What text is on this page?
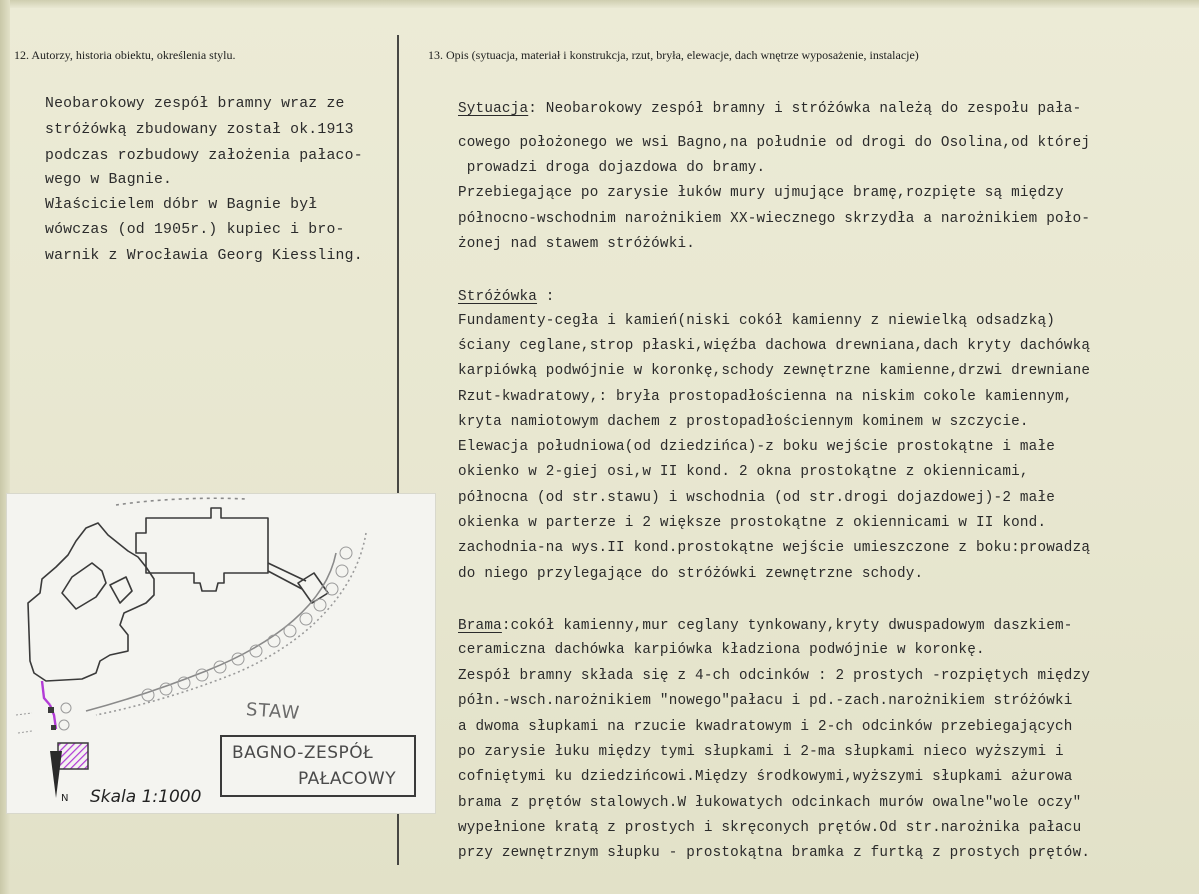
12. Autorzy, historia obiektu, określenia stylu.	13. Opis (sytuacja, materiał i konstrukcja, rzut, bryła, elewacje, dach wnętrze wyposażenie, instalacje)
Neobarokowy zespół bramny wraz ze
stróżówką zbudowany został ok.1913
podczas rozbudowy założenia pałaco-
wego w Bagnie.
Właścicielem dóbr w Bagnie był
wówczas (od 1905r.) kupiec i bro-
warnik z Wrocławia Georg Kiessling.
Sytuacja: Neobarokowy zespół bramny i stróżówka należą do zespołu pała-
cowego położonego we wsi Bagno,na południe od drogi do Osolina,od której
prowadzi droga dojazdowa do bramy.
Przebiegające po zarysie łuków mury ujmujące bramę,rozpięte są między
północno-wschodnim narożnikiem XX-wiecznego skrzydła a narożnikiem poło-
żonej nad stawem stróżówki.
Stróżówka :
Fundamenty-cegła i kamień(niski cokół kamienny z niewielką odsadzką)
ściany ceglane,strop płaski,więźba dachowa drewniana,dach kryty dachówką
karpiówką podwójnie w koronkę,schody zewnętrzne kamienne,drzwi drewniane
Rzut-kwadratowy,: bryła prostopadłościenna na niskim cokole kamiennym,
kryta namiotowym dachem z prostopadłościennym kominem w szczycie.
Elewacja południowa(od dziedzińca)-z boku wejście prostokątne i małe
okienko w 2-giej osi,w II kond. 2 okna prostokątne z okiennicami,
północna (od str.stawu) i wschodnia (od str.drogi dojazdowej)-2 małe
okienka w parterze i 2 większe prostokątne z okiennicami w II kond.
zachodnia-na wys.II kond.prostokątne wejście umieszczone z boku:prowadzą
do niego przylegające do stróżówki zewnętrzne schody.
Brama:cokół kamienny,mur ceglany tynkowany,kryty dwuspadowym daszkiem-
ceramiczna dachówka karpiówka kładziona podwójnie w koronkę.
Zespół bramny składa się z 4-ch odcinków : 2 prostych -rozpiętych między
półn.-wsch.narożnikiem "nowego"pałacu i pd.-zach.narożnikiem stróżówki
a dwoma słupkami na rzucie kwadratowym i 2-ch odcinków przebiegających
po zarysie łuku między tymi słupkami i 2-ma słupkami nieco wyższymi i
cofniętymi ku dziedzińcowi.Między środkowymi,wyższymi słupkami ażurowa
brama z prętów stalowych.W łukowatych odcinkach murów owalne"wole oczy"
wypełnione kratą z prostych i skręconych prętów.Od str.narożnika pałacu
przy zewnętrznym słupku - prostokątna bramka z furtką z prostych prętów.
STAW
BAGNO-ZESPÓŁ
PAŁACOWY
Skala 1:1000
N
